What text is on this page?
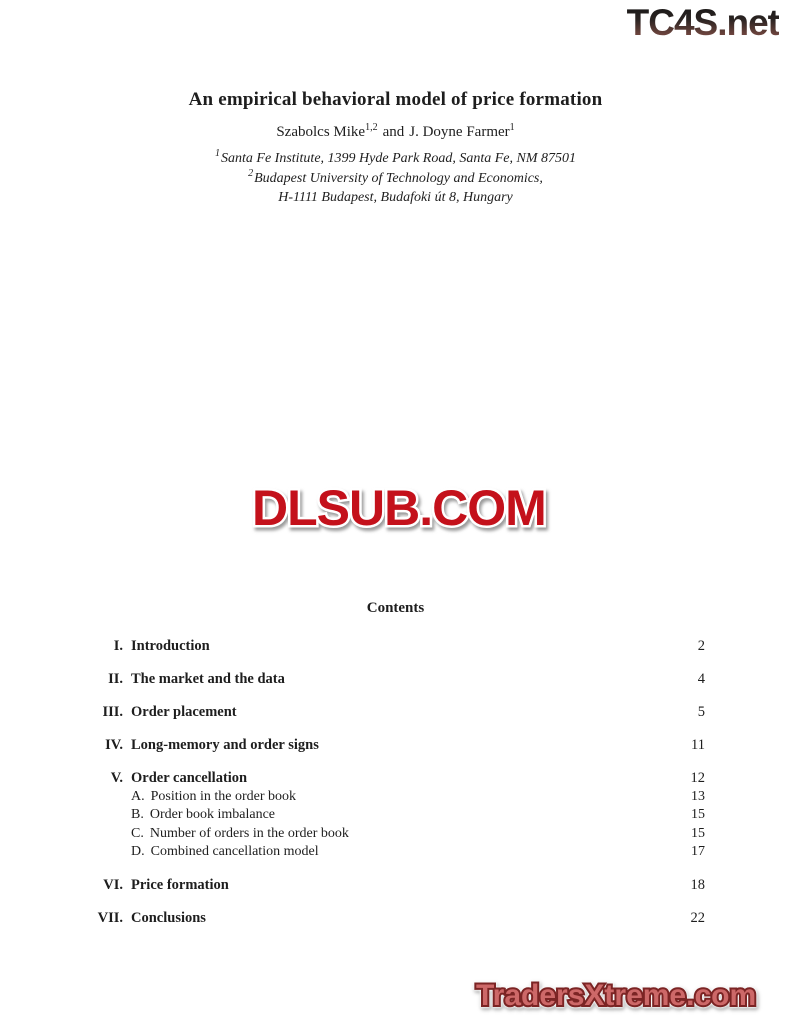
TC4S.net
An empirical behavioral model of price formation
Szabolcs Mike$^{1,2}$ and J. Doyne Farmer$^1$
$^1$Santa Fe Institute, 1399 Hyde Park Road, Santa Fe, NM 87501
$^2$Budapest University of Technology and Economics,
H-1111 Budapest, Budafoki út 8, Hungary
DLSUB.COM
Contents
I. Introduction	2
II. The market and the data	4
III. Order placement	5
IV. Long-memory and order signs	11
V. Order cancellation	12
A. Position in the order book	13
B. Order book imbalance	15
C. Number of orders in the order book	15
D. Combined cancellation model	17
VI. Price formation	18
VII. Conclusions	22
TradersXtreme.com
